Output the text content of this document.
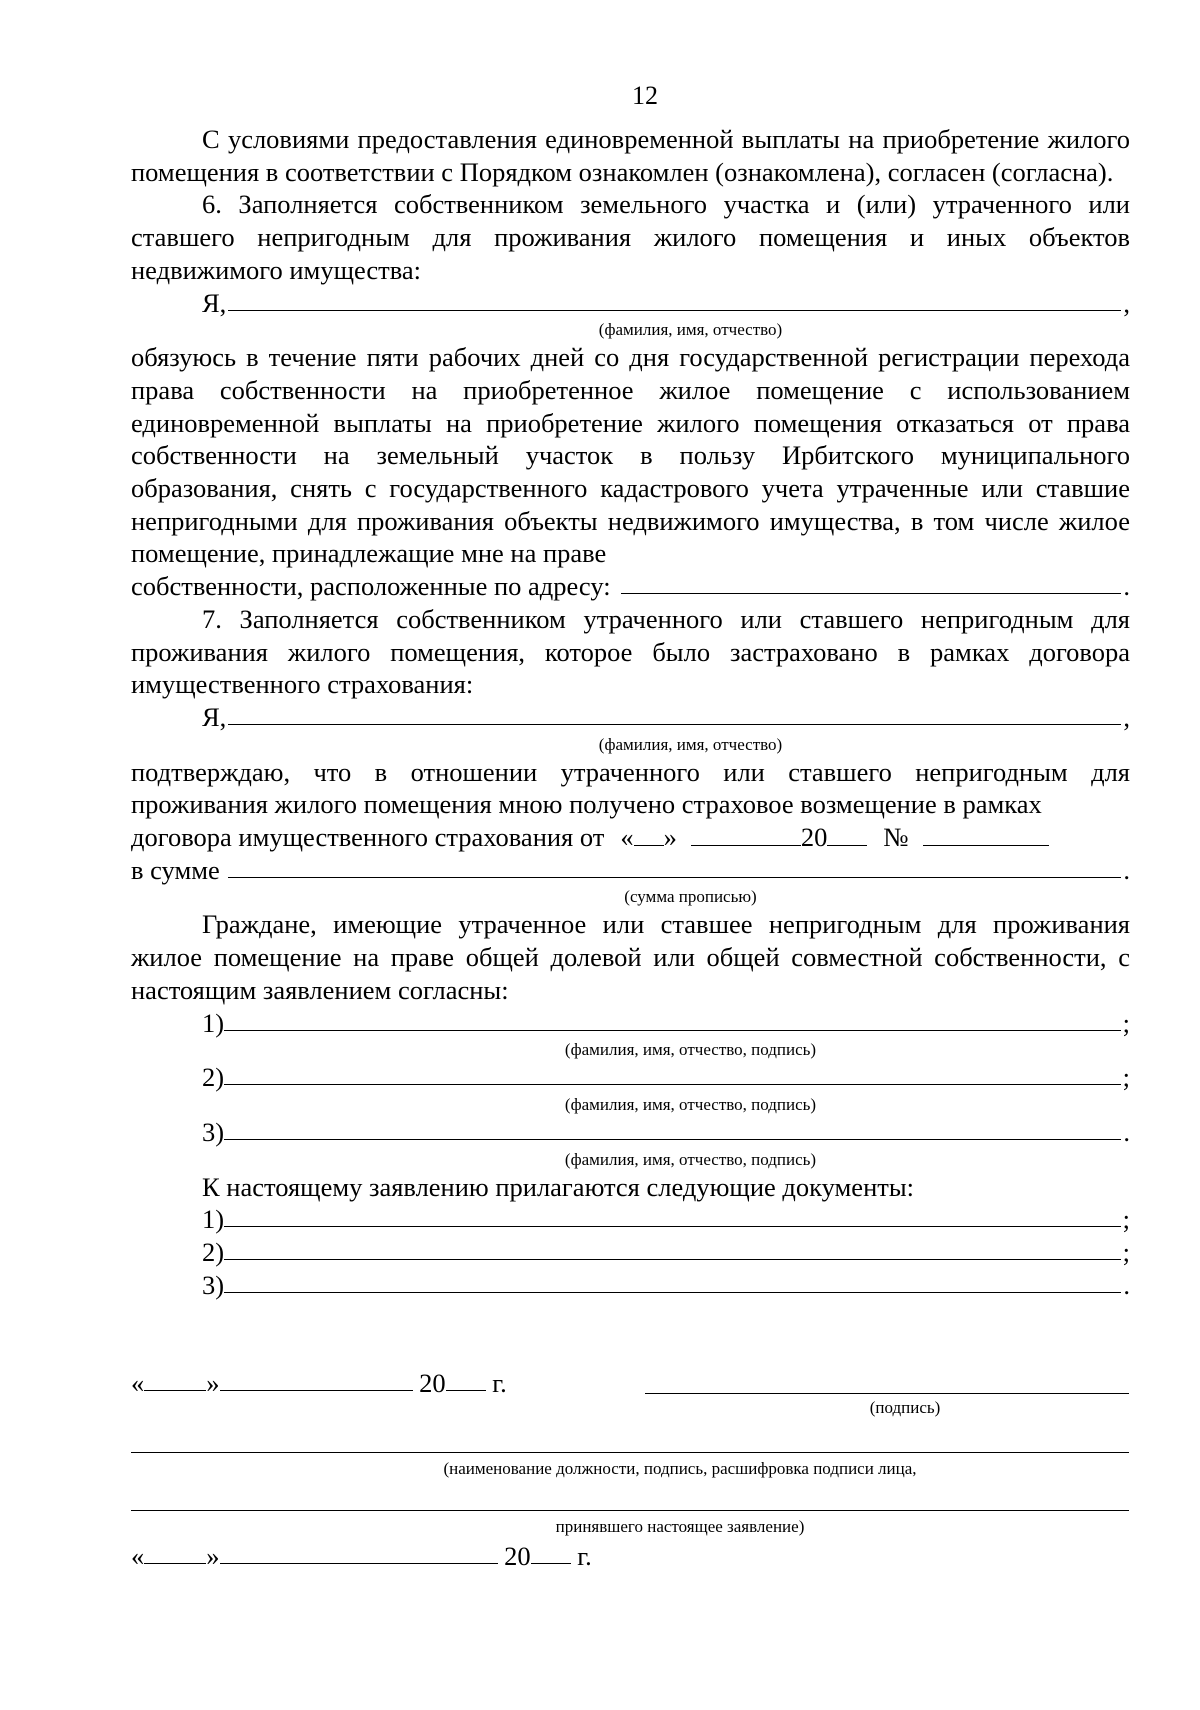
12

С условиями предоставления единовременной выплаты на приобретение жилого помещения в соответствии с Порядком ознакомлен (ознакомлена), согласен (согласна).

6. Заполняется собственником земельного участка и (или) утраченного или ставшего непригодным для проживания жилого помещения и иных объектов недвижимого имущества:

Я,	,
(фамилия, имя, отчество)

обязуюсь в течение пяти рабочих дней со дня государственной регистрации перехода права собственности на приобретенное жилое помещение с использованием единовременной выплаты на приобретение жилого помещения отказаться от права собственности на земельный участок в пользу Ирбитского муниципального образования, снять с государственного кадастрового учета утраченные или ставшие непригодными для проживания объекты недвижимого имущества, в том числе жилое помещение, принадлежащие мне на праве

собственности, расположенные по адресу:	.

7. Заполняется собственником утраченного или ставшего непригодным для проживания жилого помещения, которое было застраховано в рамках договора имущественного страхования:

Я,	,
(фамилия, имя, отчество)

подтверждаю, что в отношении утраченного или ставшего непригодным для проживания жилого помещения мною получено страховое возмещение в рамках

договора имущественного страхования от « »	20 №
в сумме	.
(сумма прописью)

Граждане, имеющие утраченное или ставшее непригодным для проживания жилое помещение на праве общей долевой или общей совместной собственности, с настоящим заявлением согласны:

1)	;
(фамилия, имя, отчество, подпись)
2)	;
(фамилия, имя, отчество, подпись)
3)	.
(фамилия, имя, отчество, подпись)
К настоящему заявлению прилагаются следующие документы:
1)	;
2)	;
3)	.
« »	20 г.
(подпись)
(наименование должности, подпись, расшифровка подписи лица,
принявшего настоящее заявление)
« »	20 г.
